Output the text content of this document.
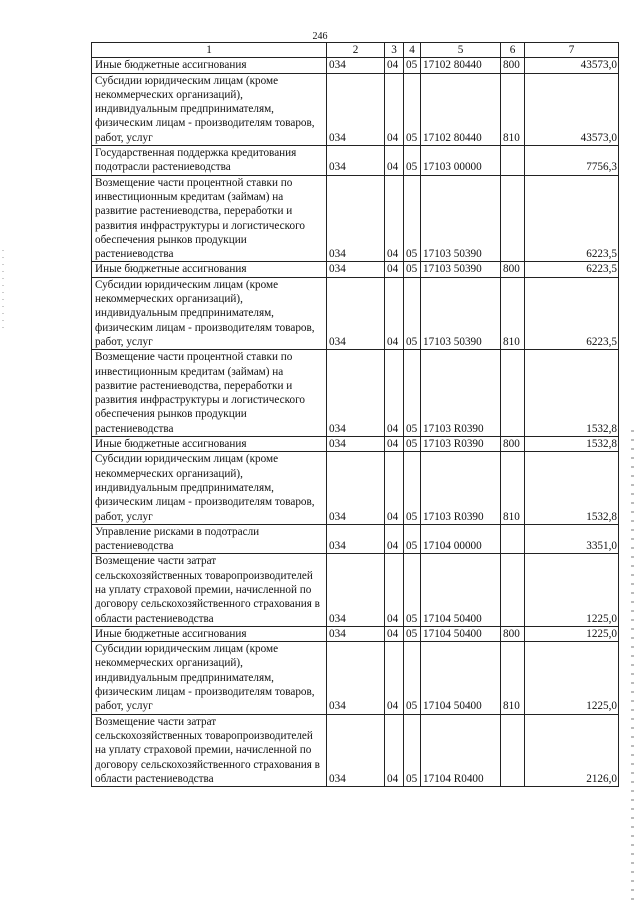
246
1	2	3	4	5	6	7
Иные бюджетные ассигнования	034	04	05	17102 80440	800	43573,0
Субсидии юридическим лицам (кроме некоммерческих организаций), индивидуальным предпринимателям, физическим лицам - производителям товаров, работ, услуг	034	04	05	17102 80440	810	43573,0
Государственная поддержка кредитования подотрасли растениеводства	034	04	05	17103 00000		7756,3
Возмещение части процентной ставки по инвестиционным кредитам (займам) на развитие растениеводства, переработки и развития инфраструктуры и логистического обеспечения рынков продукции растениеводства	034	04	05	17103 50390		6223,5
Иные бюджетные ассигнования	034	04	05	17103 50390	800	6223,5
Субсидии юридическим лицам (кроме некоммерческих организаций), индивидуальным предпринимателям, физическим лицам - производителям товаров, работ, услуг	034	04	05	17103 50390	810	6223,5
Возмещение части процентной ставки по инвестиционным кредитам (займам) на развитие растениеводства, переработки и развития инфраструктуры и логистического обеспечения рынков продукции растениеводства	034	04	05	17103 R0390		1532,8
Иные бюджетные ассигнования	034	04	05	17103 R0390	800	1532,8
Субсидии юридическим лицам (кроме некоммерческих организаций), индивидуальным предпринимателям, физическим лицам - производителям товаров, работ, услуг	034	04	05	17103 R0390	810	1532,8
Управление рисками в подотрасли растениеводства	034	04	05	17104 00000		3351,0
Возмещение части затрат сельскохозяйственных товаропроизводителей на уплату страховой премии, начисленной по договору сельскохозяйственного страхования в области растениеводства	034	04	05	17104 50400		1225,0
Иные бюджетные ассигнования	034	04	05	17104 50400	800	1225,0
Субсидии юридическим лицам (кроме некоммерческих организаций), индивидуальным предпринимателям, физическим лицам - производителям товаров, работ, услуг	034	04	05	17104 50400	810	1225,0
Возмещение части затрат сельскохозяйственных товаропроизводителей на уплату страховой премии, начисленной по договору сельскохозяйственного страхования в области растениеводства	034	04	05	17104 R0400		2126,0
